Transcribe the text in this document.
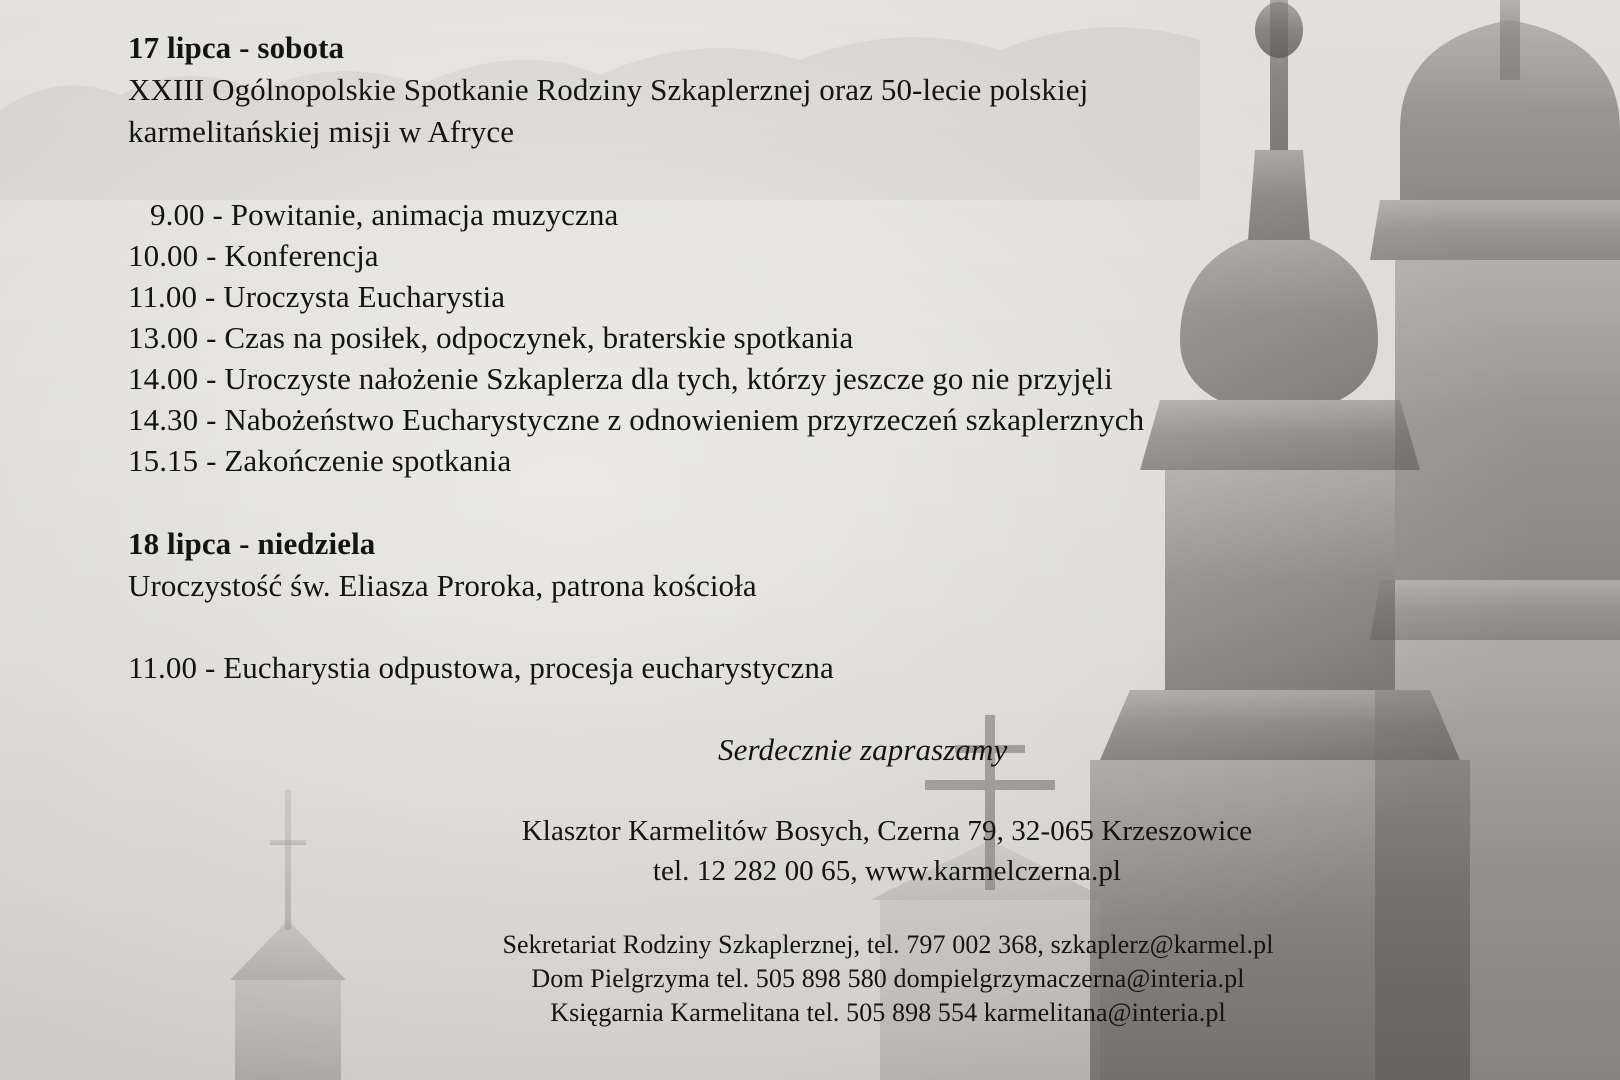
17 lipca - sobota
XXIII Ogólnopolskie Spotkanie Rodziny Szkaplerznej oraz 50-lecie polskiej
karmelitańskiej misji w Afryce
9.00 - Powitanie, animacja muzyczna
10.00 - Konferencja
11.00 - Uroczysta Eucharystia
13.00 - Czas na posiłek, odpoczynek, braterskie spotkania
14.00 - Uroczyste nałożenie Szkaplerza dla tych, którzy jeszcze go nie przyjęli
14.30 - Nabożeństwo Eucharystyczne z odnowieniem przyrzeczeń szkaplerznych
15.15 - Zakończenie spotkania
18 lipca - niedziela
Uroczystość św. Eliasza Proroka, patrona kościoła
11.00 - Eucharystia odpustowa, procesja eucharystyczna
Serdecznie zapraszamy
Klasztor Karmelitów Bosych, Czerna 79, 32-065 Krzeszowice
tel. 12 282 00 65, www.karmelczerna.pl
Sekretariat Rodziny Szkaplerznej, tel. 797 002 368, szkaplerz@karmel.pl
Dom Pielgrzyma tel. 505 898 580 dompielgrzymaczerna@interia.pl
Księgarnia Karmelitana tel. 505 898 554 karmelitana@interia.pl
